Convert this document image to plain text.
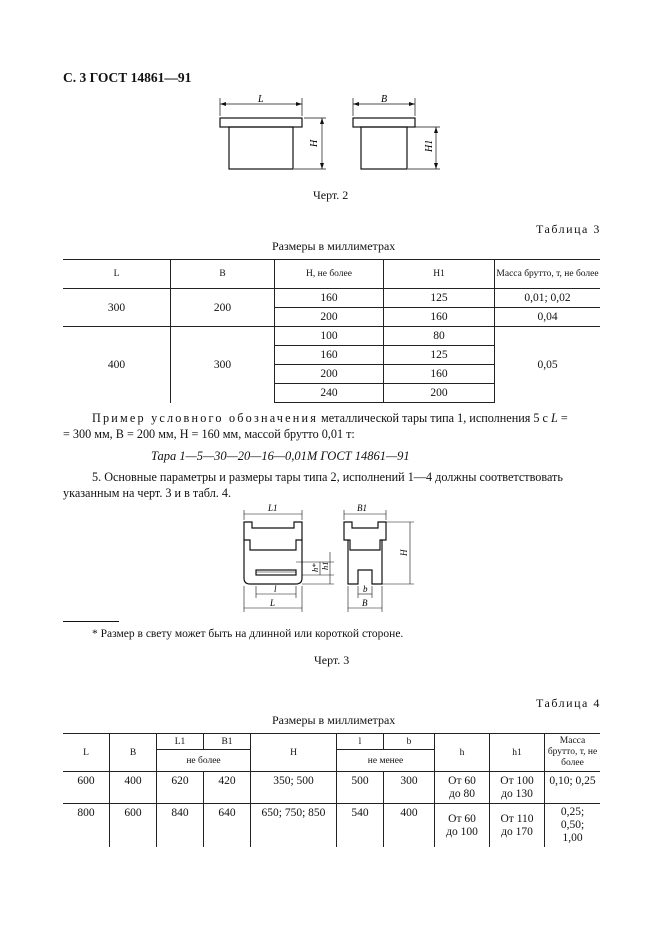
С. 3 ГОСТ 14861—91
L
H
B
H1
Черт. 2
Таблица 3
Размеры в миллиметрах
L	B	H, не более	H1	Масса брутто, т, не более
300	200	160	125	0,01; 0,02
		200	160	0,04
400	300	100	80	0,05
		160	125	
		200	160	
		240	200	
Пример условного обозначения металлической тары типа 1, исполнения 5 с L =
= 300 мм, B = 200 мм, H = 160 мм, массой брутто 0,01 т:
Тара 1—5—30—20—16—0,01М ГОСТ 14861—91
5. Основные параметры и размеры тары типа 2, исполнений 1—4 должны соответствовать
указанным на черт. 3 и в табл. 4.
L1	B1
l
L
b
B
h* h1
H
* Размер в свету может быть на длинной или короткой стороне.
Черт. 3
Таблица 4
Размеры в миллиметрах
L	B	L1	B1	H	l	b	h	h1	Масса брутто, т, не более
		не более			не менее				
600	400	620	420	350; 500	500	300	От 60 до 80	От 100 до 130	0,10; 0,25
800	600	840	640	650; 750; 850	540	400	От 60 до 100	От 110 до 170	0,25; 0,50; 1,00
